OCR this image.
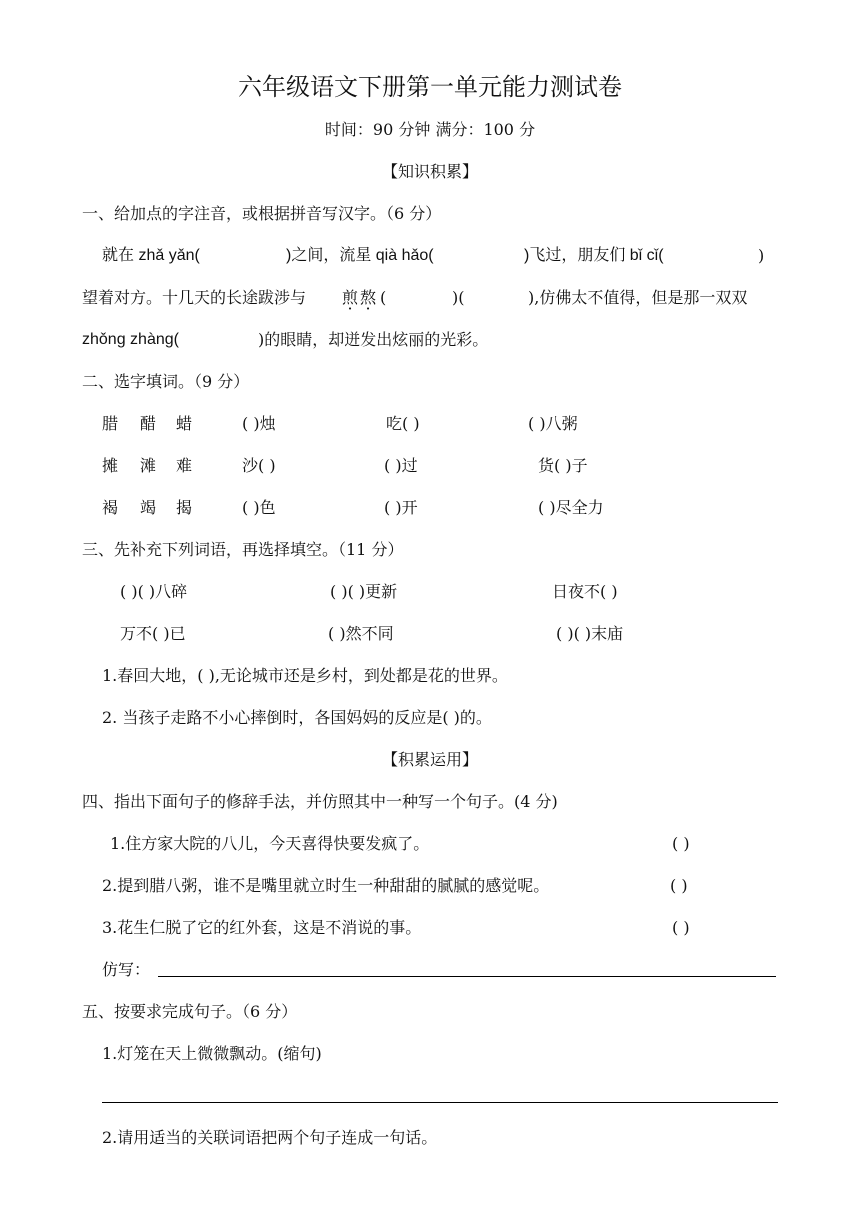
六年级语文下册第一单元能力测试卷
时间：90 分钟 满分：100 分
【知识积累】
一、给加点的字注音，或根据拼音写汉字。（6 分）
就在 zhǎ yǎn(	)之间，流星 qià hǎo(	)飞过，朋友们 bǐ cǐ(	)
望着对方。十几天的长途跋涉与 煎 · 熬 · (	)(	),仿佛太不值得，但是那一双双
zhǒng zhàng(	)的眼睛，却迸发出炫丽的光彩。
二、选字填词。（9 分）
腊 醋 蜡	( )烛	吃( )	( )八粥
摊 滩 难	沙( )	( )过	货( )子
褐 竭 揭	( )色	( )开	( )尽全力
三、先补充下列词语，再选择填空。（11 分）
( )( )八碎	( )( )更新	日夜不( )
万不( )已	( )然不同	( )( )末庙
1.春回大地，( ),无论城市还是乡村，到处都是花的世界。
2. 当孩子走路不小心摔倒时，各国妈妈的反应是( )的。
【积累运用】
四、指出下面句子的修辞手法，并仿照其中一种写一个句子。(4 分)
1.住方家大院的八儿，今天喜得快要发疯了。	( )
2.提到腊八粥，谁不是嘴里就立时生一种甜甜的腻腻的感觉呢。	( )
3.花生仁脱了它的红外套，这是不消说的事。	( )
仿写：
五、按要求完成句子。（6 分）
1.灯笼在天上微微飘动。(缩句)
2.请用适当的关联词语把两个句子连成一句话。
